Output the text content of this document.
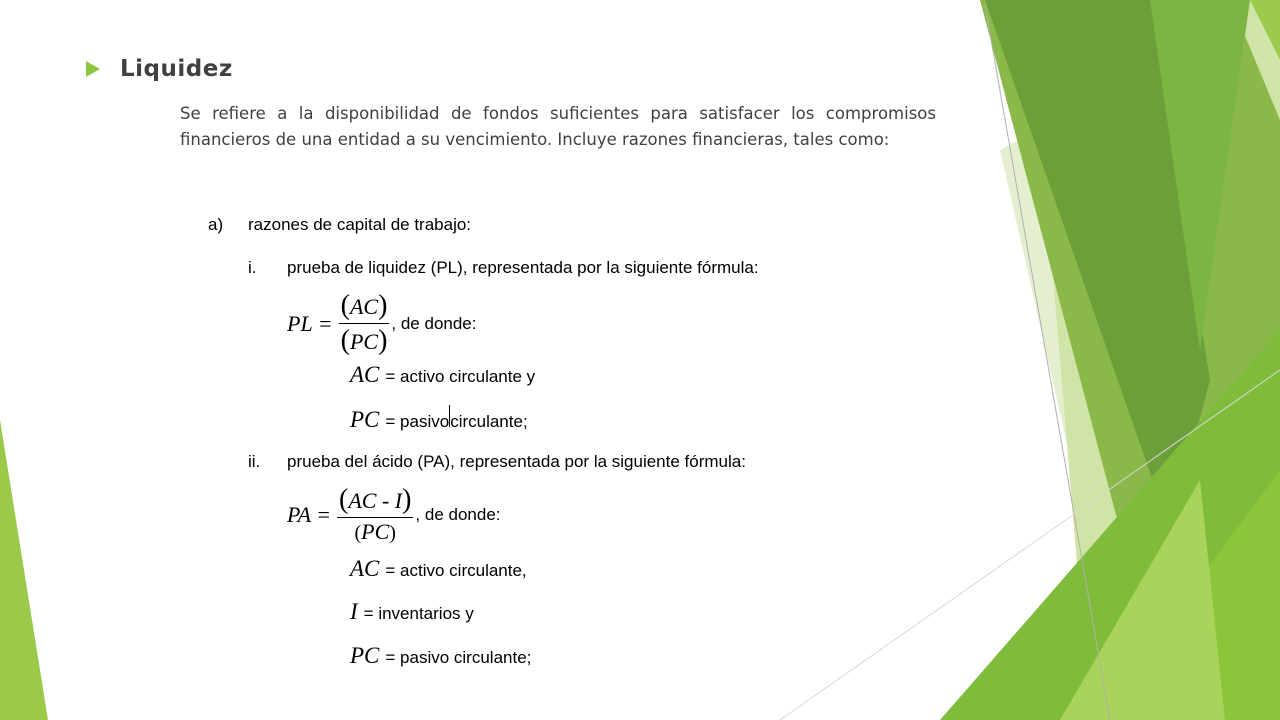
Liquidez
Se refiere a la disponibilidad de fondos suficientes para satisfacer los compromisos financieros de una entidad a su vencimiento. Incluye razones financieras, tales como:
a) razones de capital de trabajo:
i. prueba de liquidez (PL), representada por la siguiente fórmula:
PL = $\frac{(AC)}{(PC)}$ , de donde:
AC = activo circulante y
PC = pasivo circulante;
ii. prueba del ácido (PA), representada por la siguiente fórmula:
PA = $\frac{(AC - I)}{(PC)}$ , de donde:
AC = activo circulante,
I = inventarios y
PC = pasivo circulante;
